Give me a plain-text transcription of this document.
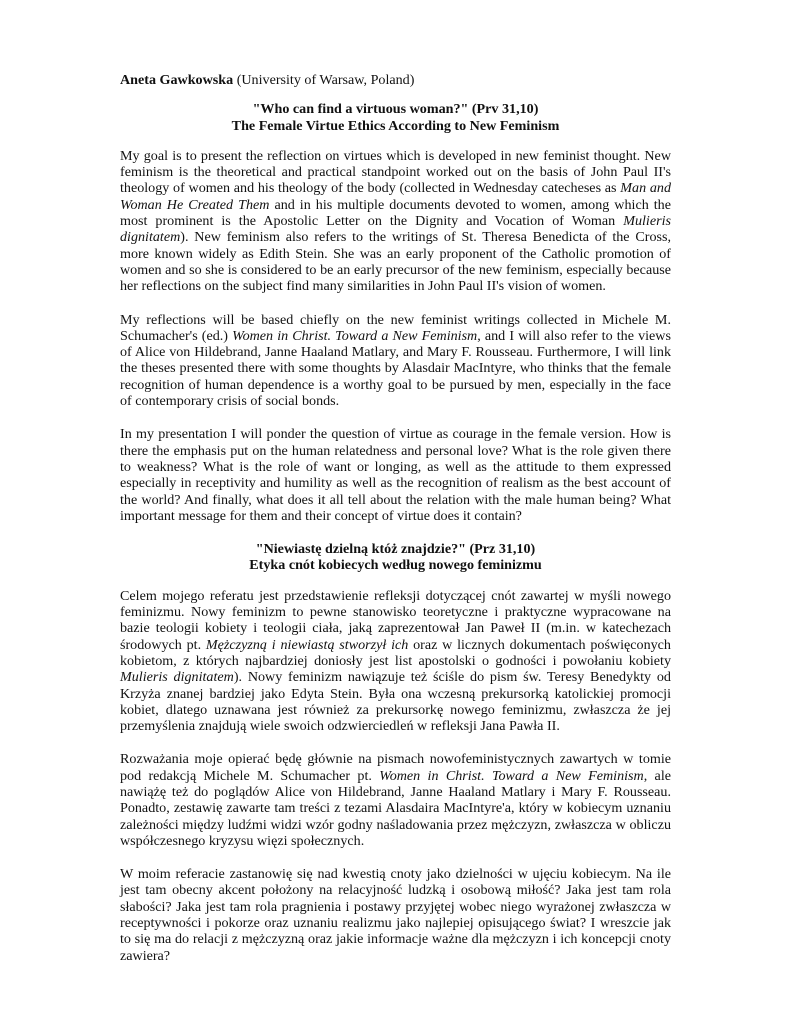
Aneta Gawkowska (University of Warsaw, Poland)

"Who can find a virtuous woman?" (Prv 31,10)
The Female Virtue Ethics According to New Feminism

My goal is to present the reflection on virtues which is developed in new feminist thought. New feminism is the theoretical and practical standpoint worked out on the basis of John Paul II's theology of women and his theology of the body (collected in Wednesday catecheses as Man and Woman He Created Them and in his multiple documents devoted to women, among which the most prominent is the Apostolic Letter on the Dignity and Vocation of Woman Mulieris dignitatem). New feminism also refers to the writings of St. Theresa Benedicta of the Cross, more known widely as Edith Stein. She was an early proponent of the Catholic promotion of women and so she is considered to be an early precursor of the new feminism, especially because her reflections on the subject find many similarities in John Paul II's vision of women.

My reflections will be based chiefly on the new feminist writings collected in Michele M. Schumacher's (ed.) Women in Christ. Toward a New Feminism, and I will also refer to the views of Alice von Hildebrand, Janne Haaland Matlary, and Mary F. Rousseau. Furthermore, I will link the theses presented there with some thoughts by Alasdair MacIntyre, who thinks that the female recognition of human dependence is a worthy goal to be pursued by men, especially in the face of contemporary crisis of social bonds.

In my presentation I will ponder the question of virtue as courage in the female version. How is there the emphasis put on the human relatedness and personal love? What is the role given there to weakness? What is the role of want or longing, as well as the attitude to them expressed especially in receptivity and humility as well as the recognition of realism as the best account of the world? And finally, what does it all tell about the relation with the male human being? What important message for them and their concept of virtue does it contain?

"Niewiastę dzielną któż znajdzie?" (Prz 31,10)
Etyka cnót kobiecych według nowego feminizmu

Celem mojego referatu jest przedstawienie refleksji dotyczącej cnót zawartej w myśli nowego feminizmu. Nowy feminizm to pewne stanowisko teoretyczne i praktyczne wypracowane na bazie teologii kobiety i teologii ciała, jaką zaprezentował Jan Paweł II (m.in. w katechezach środowych pt. Mężczyzną i niewiastą stworzył ich oraz w licznych dokumentach poświęconych kobietom, z których najbardziej doniosły jest list apostolski o godności i powołaniu kobiety Mulieris dignitatem). Nowy feminizm nawiązuje też ściśle do pism św. Teresy Benedykty od Krzyża znanej bardziej jako Edyta Stein. Była ona wczesną prekursorką katolickiej promocji kobiet, dlatego uznawana jest również za prekursorkę nowego feminizmu, zwłaszcza że jej przemyślenia znajdują wiele swoich odzwierciedleń w refleksji Jana Pawła II.

Rozważania moje opierać będę głównie na pismach nowofeministycznych zawartych w tomie pod redakcją Michele M. Schumacher pt. Women in Christ. Toward a New Feminism, ale nawiążę też do poglądów Alice von Hildebrand, Janne Haaland Matlary i Mary F. Rousseau. Ponadto, zestawię zawarte tam treści z tezami Alasdaira MacIntyre'a, który w kobiecym uznaniu zależności między ludźmi widzi wzór godny naśladowania przez mężczyzn, zwłaszcza w obliczu współczesnego kryzysu więzi społecznych.

W moim referacie zastanowię się nad kwestią cnoty jako dzielności w ujęciu kobiecym. Na ile jest tam obecny akcent położony na relacyjność ludzką i osobową miłość? Jaka jest tam rola słabości? Jaka jest tam rola pragnienia i postawy przyjętej wobec niego wyrażonej zwłaszcza w receptywności i pokorze oraz uznaniu realizmu jako najlepiej opisującego świat? I wreszcie jak to się ma do relacji z mężczyzną oraz jakie informacje ważne dla mężczyzn i ich koncepcji cnoty zawiera?
